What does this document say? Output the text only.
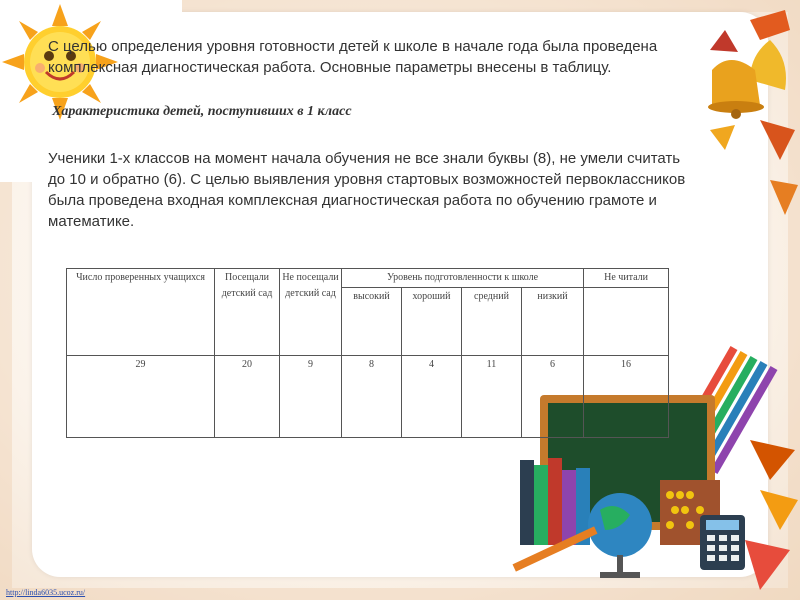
С целью определения уровня готовности детей к школе в начале года была проведена комплексная диагностическая работа. Основные параметры внесены в таблицу.

Характеристика детей, поступивших в 1 класс

Ученики 1-х классов на момент начала обучения не все знали буквы (8), не умели считать до 10 и обратно (6). С целью выявления уровня стартовых возможностей первоклассников была проведена входная комплексная диагностическая работа по обучению грамоте и математике.

Число проверенных учащихся	Посещали детский сад	Не посещали детский сад	Уровень подготовленности к школе				Не читали
			высокий	хороший	средний	низкий	
29	20	9	8	4	11	6	16
http://linda6035.ucoz.ru/
